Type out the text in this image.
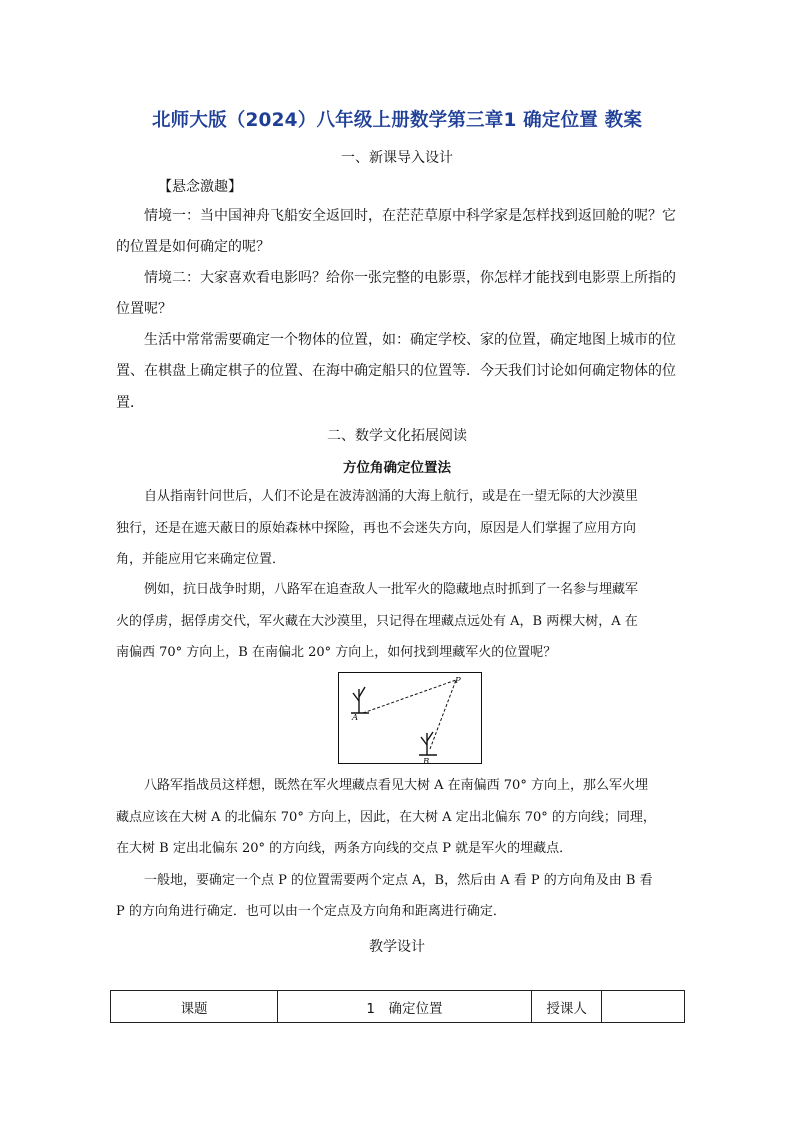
北师大版（2024）八年级上册数学第三章1 确定位置 教案
一、新课导入设计
【悬念激趣】
情境一：当中国神舟飞船安全返回时，在茫茫草原中科学家是怎样找到返回舱的呢？它
的位置是如何确定的呢？
情境二：大家喜欢看电影吗？给你一张完整的电影票，你怎样才能找到电影票上所指的
位置呢？
生活中常常需要确定一个物体的位置，如：确定学校、家的位置，确定地图上城市的位
置、在棋盘上确定棋子的位置、在海中确定船只的位置等．今天我们讨论如何确定物体的位
置．
二、数学文化拓展阅读
方位角确定位置法
自从指南针问世后，人们不论是在波涛汹涌的大海上航行，或是在一望无际的大沙漠里
独行，还是在遮天蔽日的原始森林中探险，再也不会迷失方向，原因是人们掌握了应用方向
角，并能应用它来确定位置．
例如，抗日战争时期，八路军在追查敌人一批军火的隐藏地点时抓到了一名参与埋藏军
火的俘虏，据俘虏交代，军火藏在大沙漠里，只记得在埋藏点远处有 A，B 两棵大树，A 在
南偏西 70° 方向上，B 在南偏北 20° 方向上，如何找到埋藏军火的位置呢？
A
B
P
八路军指战员这样想，既然在军火埋藏点看见大树 A 在南偏西 70° 方向上，那么军火埋
藏点应该在大树 A 的北偏东 70° 方向上，因此，在大树 A 定出北偏东 70° 的方向线；同理，
在大树 B 定出北偏东 20° 的方向线，两条方向线的交点 P 就是军火的埋藏点．
一般地，要确定一个点 P 的位置需要两个定点 A，B，然后由 A 看 P 的方向角及由 B 看
P 的方向角进行确定．也可以由一个定点及方向角和距离进行确定．
教学设计
课题	1　确定位置	授课人	
